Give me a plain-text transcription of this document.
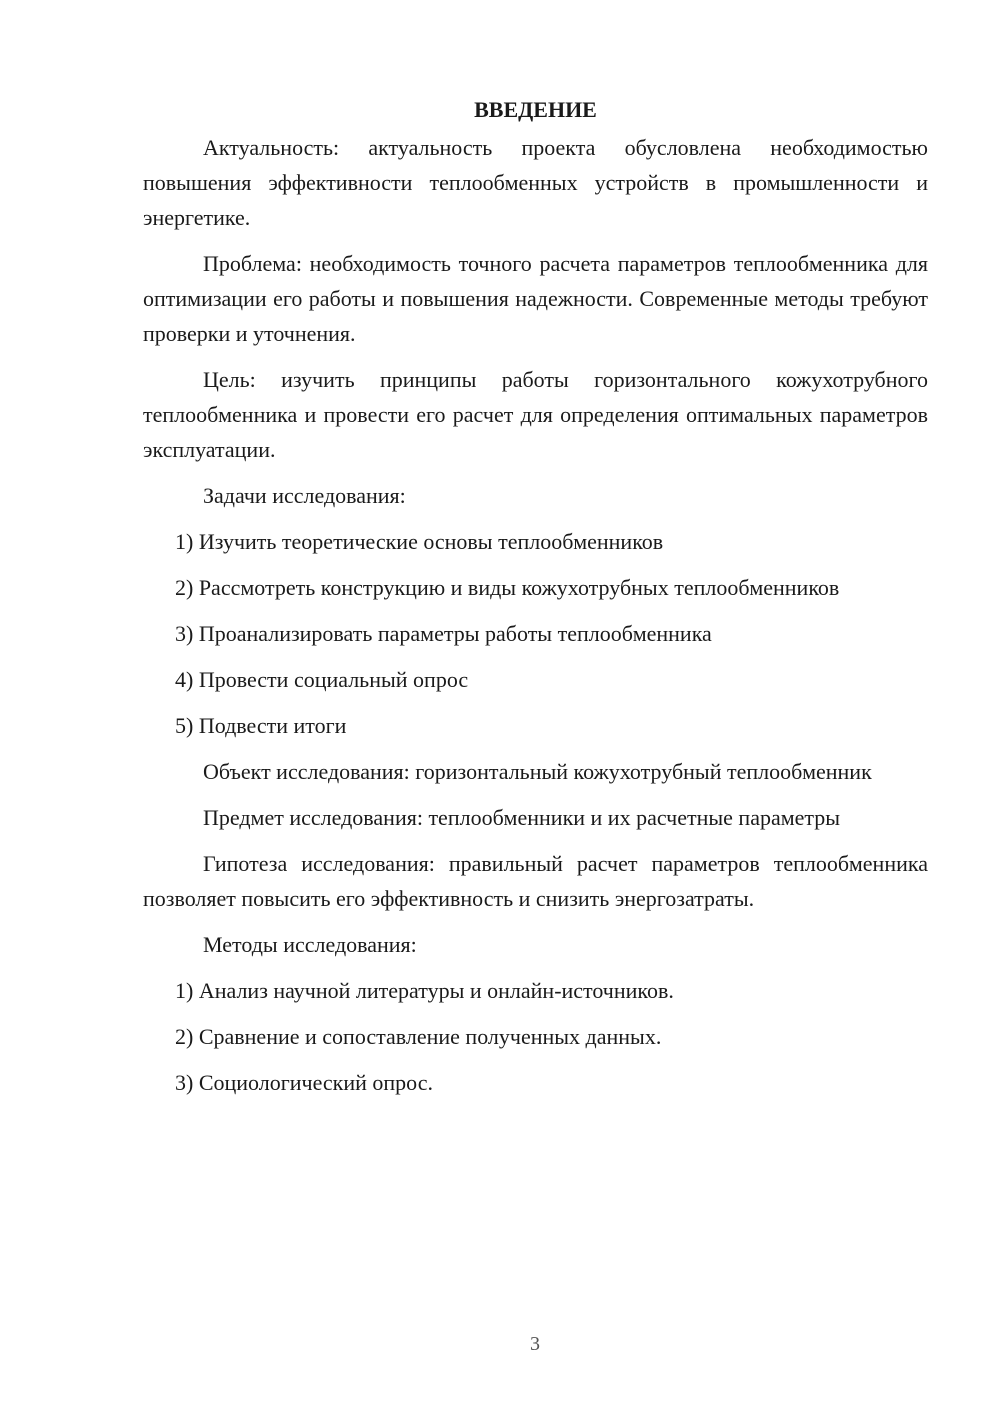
ВВЕДЕНИЕ

Актуальность: актуальность проекта обусловлена необходимостью повышения эффективности теплообменных устройств в промышленности и энергетике.

Проблема: необходимость точного расчета параметров теплообменника для оптимизации его работы и повышения надежности. Современные методы требуют проверки и уточнения.

Цель: изучить принципы работы горизонтального кожухотрубного теплообменника и провести его расчет для определения оптимальных параметров эксплуатации.

Задачи исследования:

1) Изучить теоретические основы теплообменников

2) Рассмотреть конструкцию и виды кожухотрубных теплообменников

3) Проанализировать параметры работы теплообменника

4) Провести социальный опрос

5) Подвести итоги

Объект исследования: горизонтальный кожухотрубный теплообменник

Предмет исследования: теплообменники и их расчетные параметры

Гипотеза исследования: правильный расчет параметров теплообменника позволяет повысить его эффективность и снизить энергозатраты.

Методы исследования:

1) Анализ научной литературы и онлайн-источников.

2) Сравнение и сопоставление полученных данных.

3) Социологический опрос.

3
